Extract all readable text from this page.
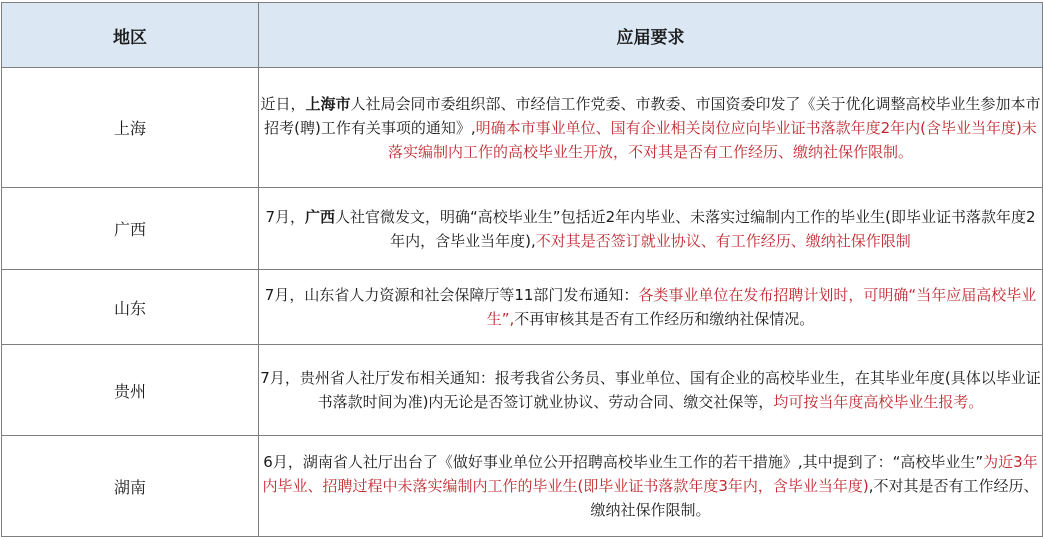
地区	应届要求
上海	近日，上海市人社局会同市委组织部、市经信工作党委、市教委、市国资委印发了《关于优化调整高校毕业生参加本市招考(聘)工作有关事项的通知》,明确本市事业单位、国有企业相关岗位应向毕业证书落款年度2年内(含毕业当年度)未落实编制内工作的高校毕业生开放，不对其是否有工作经历、缴纳社保作限制。
广西	7月，广西人社官微发文，明确“高校毕业生”包括近2年内毕业、未落实过编制内工作的毕业生(即毕业证书落款年度2年内，含毕业当年度),不对其是否签订就业协议、有工作经历、缴纳社保作限制
山东	7月，山东省人力资源和社会保障厅等11部门发布通知：各类事业单位在发布招聘计划时，可明确“当年应届高校毕业生”,不再审核其是否有工作经历和缴纳社保情况。
贵州	7月，贵州省人社厅发布相关通知：报考我省公务员、事业单位、国有企业的高校毕业生，在其毕业年度(具体以毕业证书落款时间为准)内无论是否签订就业协议、劳动合同、缴交社保等，均可按当年度高校毕业生报考。
湖南	6月，湖南省人社厅出台了《做好事业单位公开招聘高校毕业生工作的若干措施》,其中提到了：“高校毕业生”为近3年内毕业、招聘过程中未落实编制内工作的毕业生(即毕业证书落款年度3年内，含毕业当年度),不对其是否有工作经历、缴纳社保作限制。
